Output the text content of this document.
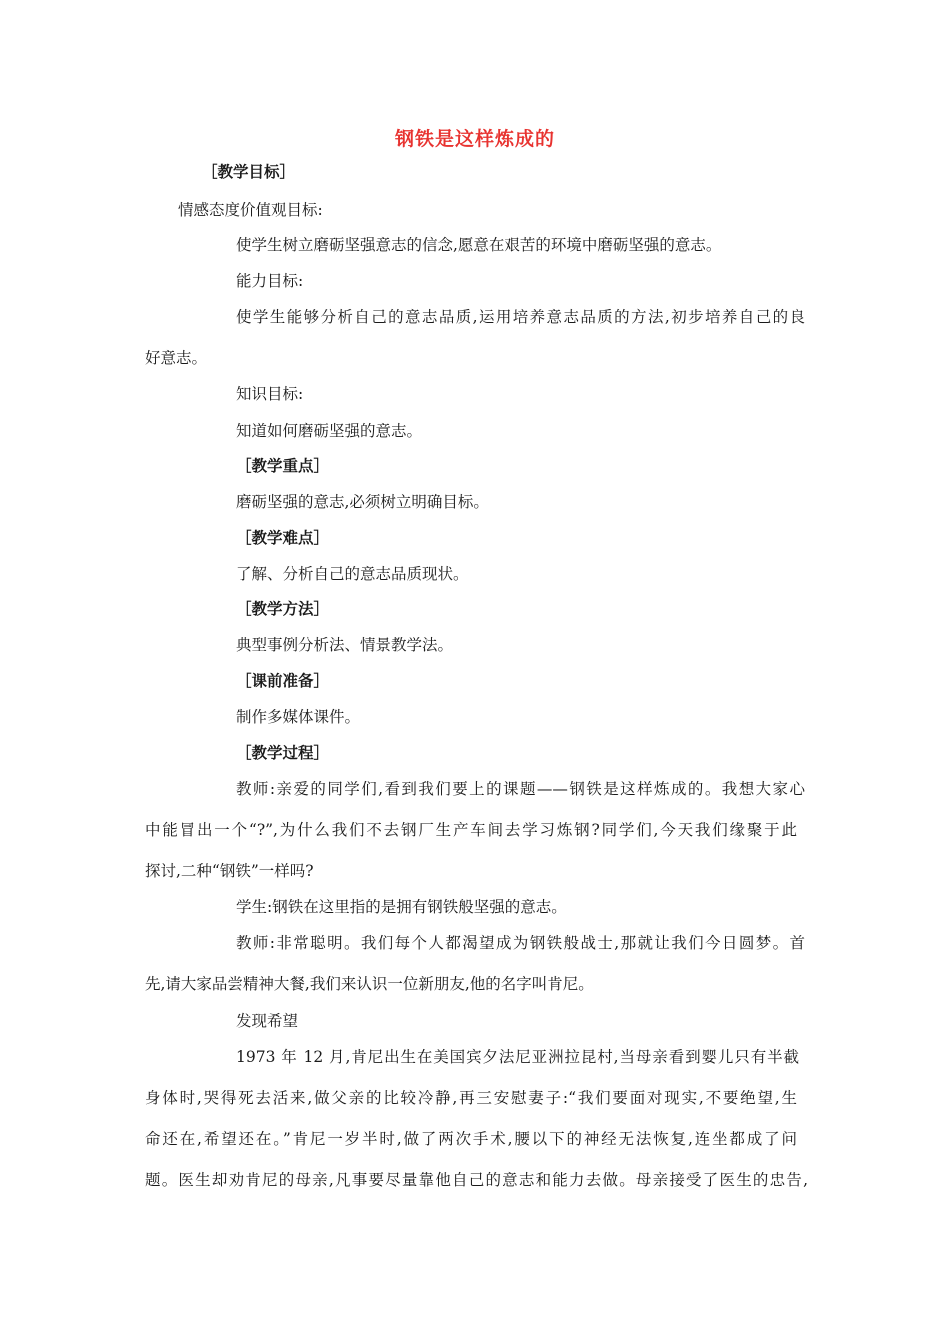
钢铁是这样炼成的
［教学目标］
情感态度价值观目标:
使学生树立磨砺坚强意志的信念,愿意在艰苦的环境中磨砺坚强的意志。
能力目标:
使学生能够分析自己的意志品质,运用培养意志品质的方法,初步培养自己的良
好意志。
知识目标:
知道如何磨砺坚强的意志。
［教学重点］
磨砺坚强的意志,必须树立明确目标。
［教学难点］
了解、分析自己的意志品质现状。
［教学方法］
典型事例分析法、情景教学法。
［课前准备］
制作多媒体课件。
［教学过程］
教师:亲爱的同学们,看到我们要上的课题——钢铁是这样炼成的。我想大家心
中能冒出一个“?”,为什么我们不去钢厂生产车间去学习炼钢?同学们,今天我们缘聚于此
探讨,二种“钢铁”一样吗?
学生:钢铁在这里指的是拥有钢铁般坚强的意志。
教师:非常聪明。我们每个人都渴望成为钢铁般战士,那就让我们今日圆梦。首
先,请大家品尝精神大餐,我们来认识一位新朋友,他的名字叫肯尼。
发现希望
1973 年 12 月,肯尼出生在美国宾夕法尼亚洲拉昆村,当母亲看到婴儿只有半截
身体时,哭得死去活来,做父亲的比较冷静,再三安慰妻子:“我们要面对现实,不要绝望,生
命还在,希望还在。”肯尼一岁半时,做了两次手术,腰以下的神经无法恢复,连坐都成了问
题。医生却劝肯尼的母亲,凡事要尽量靠他自己的意志和能力去做。母亲接受了医生的忠告,
